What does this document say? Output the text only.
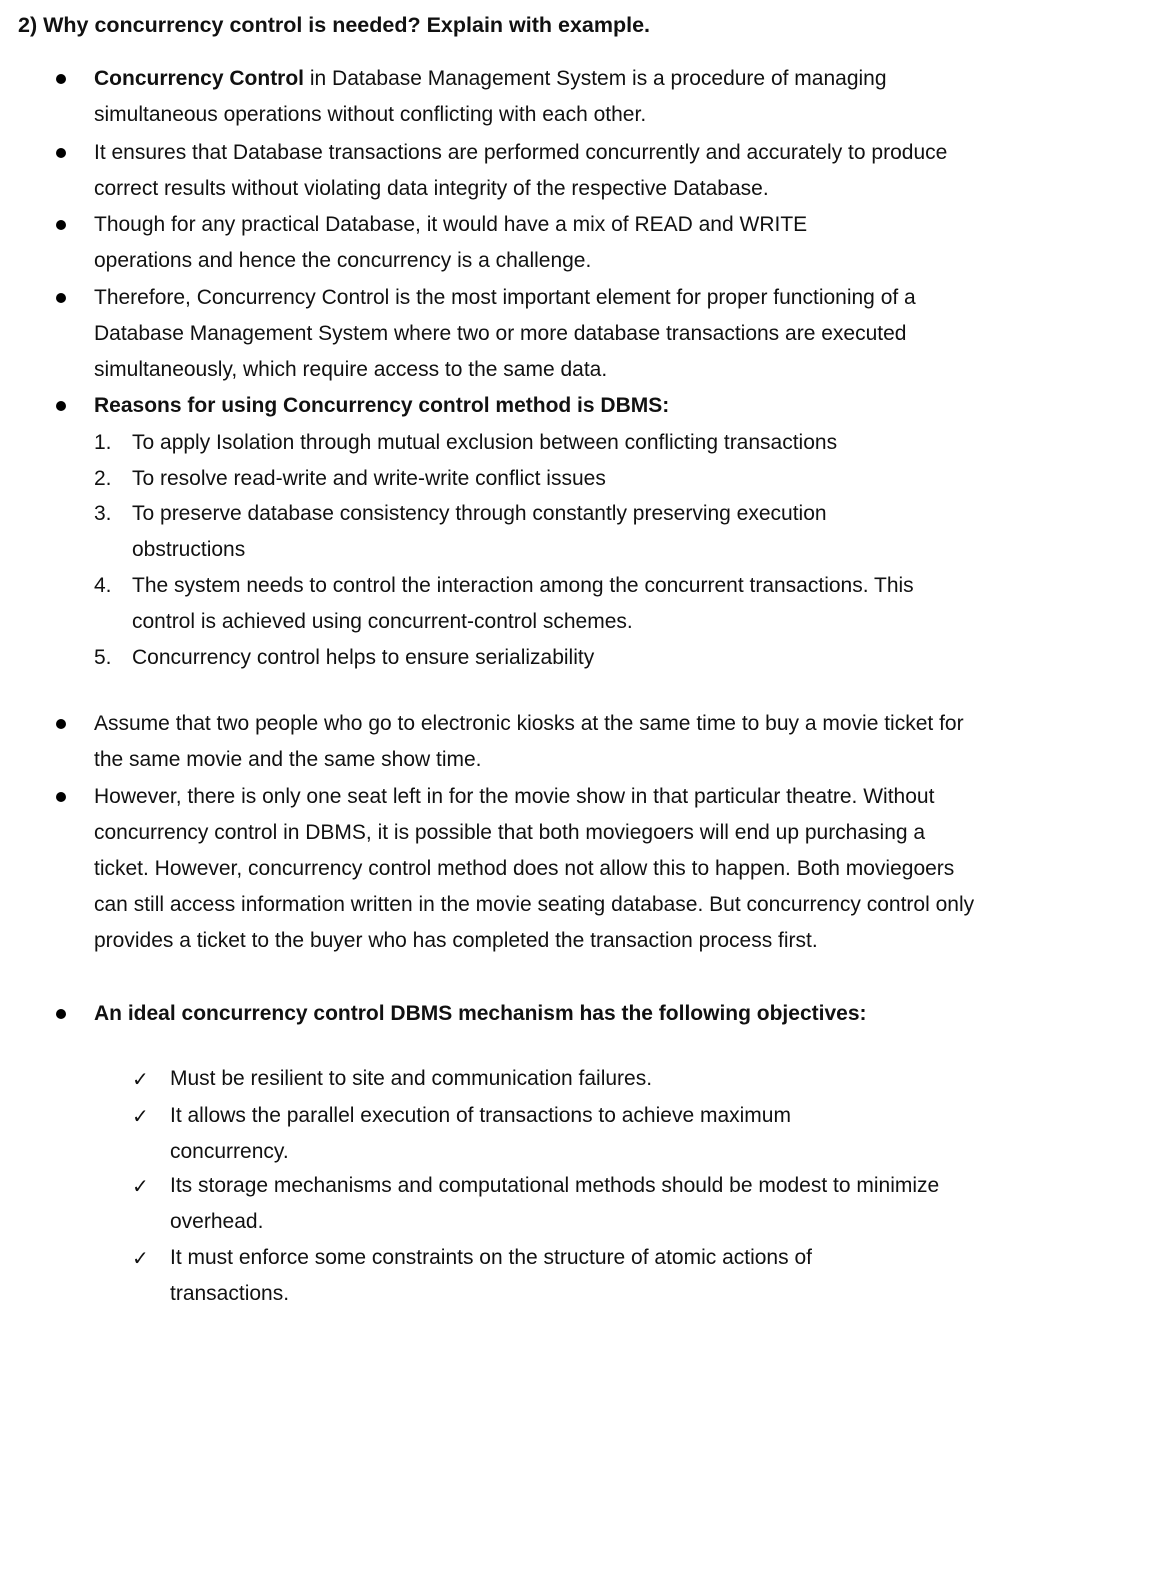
2) Why concurrency control is needed? Explain with example.
Concurrency Control in Database Management System is a procedure of managing simultaneous operations without conflicting with each other.
It ensures that Database transactions are performed concurrently and accurately to produce correct results without violating data integrity of the respective Database.
Though for any practical Database, it would have a mix of READ and WRITE operations and hence the concurrency is a challenge.
Therefore, Concurrency Control is the most important element for proper functioning of a Database Management System where two or more database transactions are executed simultaneously, which require access to the same data.
Reasons for using Concurrency control method is DBMS:
1. To apply Isolation through mutual exclusion between conflicting transactions
2. To resolve read-write and write-write conflict issues
3. To preserve database consistency through constantly preserving execution obstructions
4. The system needs to control the interaction among the concurrent transactions. This control is achieved using concurrent-control schemes.
5. Concurrency control helps to ensure serializability
Assume that two people who go to electronic kiosks at the same time to buy a movie ticket for the same movie and the same show time.
However, there is only one seat left in for the movie show in that particular theatre. Without concurrency control in DBMS, it is possible that both moviegoers will end up purchasing a ticket. However, concurrency control method does not allow this to happen. Both moviegoers can still access information written in the movie seating database. But concurrency control only provides a ticket to the buyer who has completed the transaction process first.
An ideal concurrency control DBMS mechanism has the following objectives:
✓	Must be resilient to site and communication failures.
✓	It allows the parallel execution of transactions to achieve maximum concurrency.
✓	Its storage mechanisms and computational methods should be modest to minimize overhead.
✓	It must enforce some constraints on the structure of atomic actions of transactions.
